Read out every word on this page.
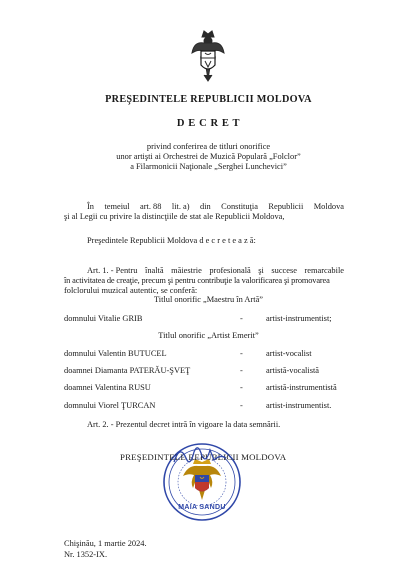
PREŞEDINTELE REPUBLICII MOLDOVA
D E C R E T
privind conferirea de titluri onorifice
unor artişti ai Orchestrei de Muzică Populară „Folclor”
a Filarmonicii Naţionale „Serghei Lunchevici”
În temeiul art. 88 lit. a) din Constituţia Republicii Moldova
şi al Legii cu privire la distincţiile de stat ale Republicii Moldova,
Preşedintele Republicii Moldova d e c r e t e a z ă:
Art. 1. - Pentru înaltă măiestrie profesională şi succese remarcabile
în activitatea de creaţie, precum şi pentru contribuţie la valorificarea şi promovarea
folclorului muzical autentic, se conferă:
Titlul onorific „Maestru în Artă”
domnului Vitalie GRIB	-	artist-instrumentist;
Titlul onorific „Artist Emerit”
domnului Valentin BUTUCEL	-	artist-vocalist
doamnei Diamanta PATERĂU-ŞVEŢ	-	artistă-vocalistă
doamnei Valentina RUSU	-	artistă-instrumentistă
domnului Viorel ŢURCAN	-	artist-instrumentist.
Art. 2. - Prezentul decret intră în vigoare la data semnării.
PREŞEDINTELE REPUBLICII MOLDOVA
MAIA SANDU
Chişinău, 1 martie 2024.
Nr. 1352-IX.
